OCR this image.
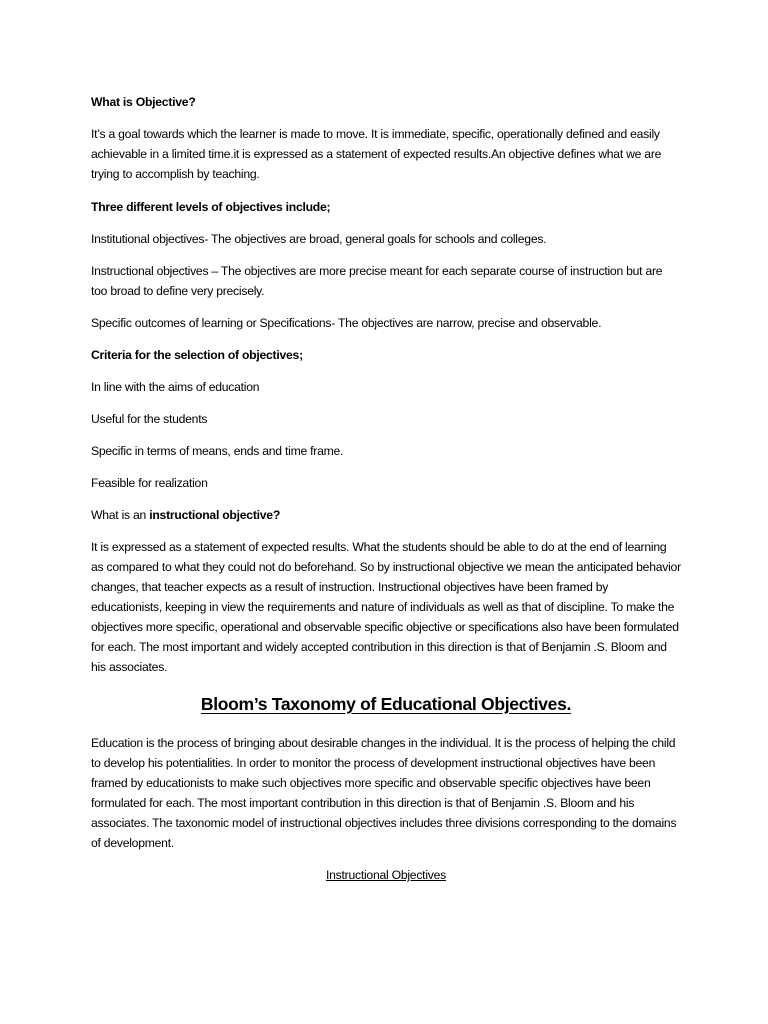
What is Objective?

It’s a goal towards which the learner is made to move. It is immediate, specific, operationally defined and easily achievable in a limited time.it is expressed as a statement of expected results.An objective defines what we are trying to accomplish by teaching.

Three different levels of objectives include;

Institutional objectives- The objectives are broad, general goals for schools and colleges.

Instructional objectives – The objectives are more precise meant for each separate course of instruction but are too broad to define very precisely.

Specific outcomes of learning or Specifications- The objectives are narrow, precise and observable.

Criteria for the selection of objectives;

In line with the aims of education

Useful for the students

Specific in terms of means, ends and time frame.

Feasible for realization

What is an instructional objective?

It is expressed as a statement of expected results. What the students should be able to do at the end of learning as compared to what they could not do beforehand. So by instructional objective we mean the anticipated behavior changes, that teacher expects as a result of instruction. Instructional objectives have been framed by educationists, keeping in view the requirements and nature of individuals as well as that of discipline. To make the objectives more specific, operational and observable specific objective or specifications also have been formulated for each. The most important and widely accepted contribution in this direction is that of Benjamin .S. Bloom and his associates.

Bloom’s Taxonomy of Educational Objectives.

Education is the process of bringing about desirable changes in the individual. It is the process of helping the child to develop his potentialities. In order to monitor the process of development instructional objectives have been framed by educationists to make such objectives more specific and observable specific objectives have been formulated for each. The most important contribution in this direction is that of Benjamin .S. Bloom and his associates. The taxonomic model of instructional objectives includes three divisions corresponding to the domains of development.

Instructional Objectives
